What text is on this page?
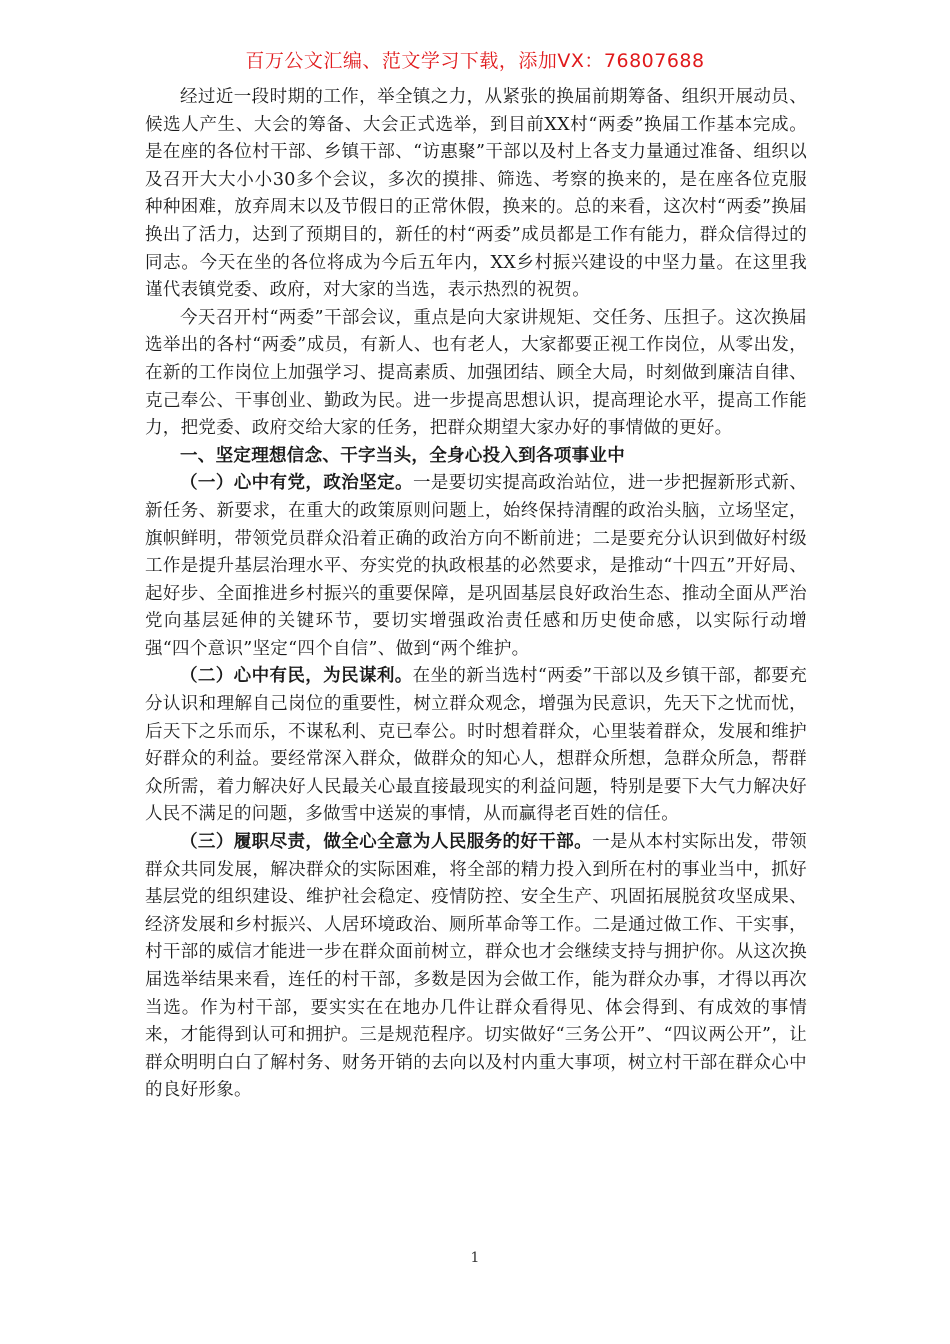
百万公文汇编、范文学习下载，添加VX：76807688

经过近一段时期的工作，举全镇之力，从紧张的换届前期筹备、组织开展动员、候选人产生、大会的筹备、大会正式选举，到目前XX村“两委”换届工作基本完成。是在座的各位村干部、乡镇干部、“访惠聚”干部以及村上各支力量通过准备、组织以及召开大大小小30多个会议，多次的摸排、筛选、考察的换来的，是在座各位克服种种困难，放弃周末以及节假日的正常休假，换来的。总的来看，这次村“两委”换届换出了活力，达到了预期目的，新任的村“两委”成员都是工作有能力，群众信得过的同志。今天在坐的各位将成为今后五年内，XX乡村振兴建设的中坚力量。在这里我谨代表镇党委、政府，对大家的当选，表示热烈的祝贺。

今天召开村“两委”干部会议，重点是向大家讲规矩、交任务、压担子。这次换届选举出的各村“两委”成员，有新人、也有老人，大家都要正视工作岗位，从零出发，在新的工作岗位上加强学习、提高素质、加强团结、顾全大局，时刻做到廉洁自律、克己奉公、干事创业、勤政为民。进一步提高思想认识，提高理论水平，提高工作能力，把党委、政府交给大家的任务，把群众期望大家办好的事情做的更好。

一、坚定理想信念、干字当头，全身心投入到各项事业中

（一）心中有党，政治坚定。一是要切实提高政治站位，进一步把握新形式新、新任务、新要求，在重大的政策原则问题上，始终保持清醒的政治头脑，立场坚定，旗帜鲜明，带领党员群众沿着正确的政治方向不断前进；二是要充分认识到做好村级工作是提升基层治理水平、夯实党的执政根基的必然要求，是推动“十四五”开好局、起好步、全面推进乡村振兴的重要保障，是巩固基层良好政治生态、推动全面从严治党向基层延伸的关键环节，要切实增强政治责任感和历史使命感，以实际行动增强“四个意识”坚定“四个自信”、做到“两个维护。

（二）心中有民，为民谋利。在坐的新当选村“两委”干部以及乡镇干部，都要充分认识和理解自己岗位的重要性，树立群众观念，增强为民意识，先天下之忧而忧，后天下之乐而乐，不谋私利、克已奉公。时时想着群众，心里装着群众，发展和维护好群众的利益。要经常深入群众，做群众的知心人，想群众所想，急群众所急，帮群众所需，着力解决好人民最关心最直接最现实的利益问题，特别是要下大气力解决好人民不满足的问题，多做雪中送炭的事情，从而赢得老百姓的信任。

（三）履职尽责，做全心全意为人民服务的好干部。一是从本村实际出发，带领群众共同发展，解决群众的实际困难，将全部的精力投入到所在村的事业当中，抓好基层党的组织建设、维护社会稳定、疫情防控、安全生产、巩固拓展脱贫攻坚成果、经济发展和乡村振兴、人居环境政治、厕所革命等工作。二是通过做工作、干实事，村干部的威信才能进一步在群众面前树立，群众也才会继续支持与拥护你。从这次换届选举结果来看，连任的村干部，多数是因为会做工作，能为群众办事，才得以再次当选。作为村干部，要实实在在地办几件让群众看得见、体会得到、有成效的事情来，才能得到认可和拥护。三是规范程序。切实做好“三务公开”、“四议两公开”，让群众明明白白了解村务、财务开销的去向以及村内重大事项，树立村干部在群众心中的良好形象。

1
